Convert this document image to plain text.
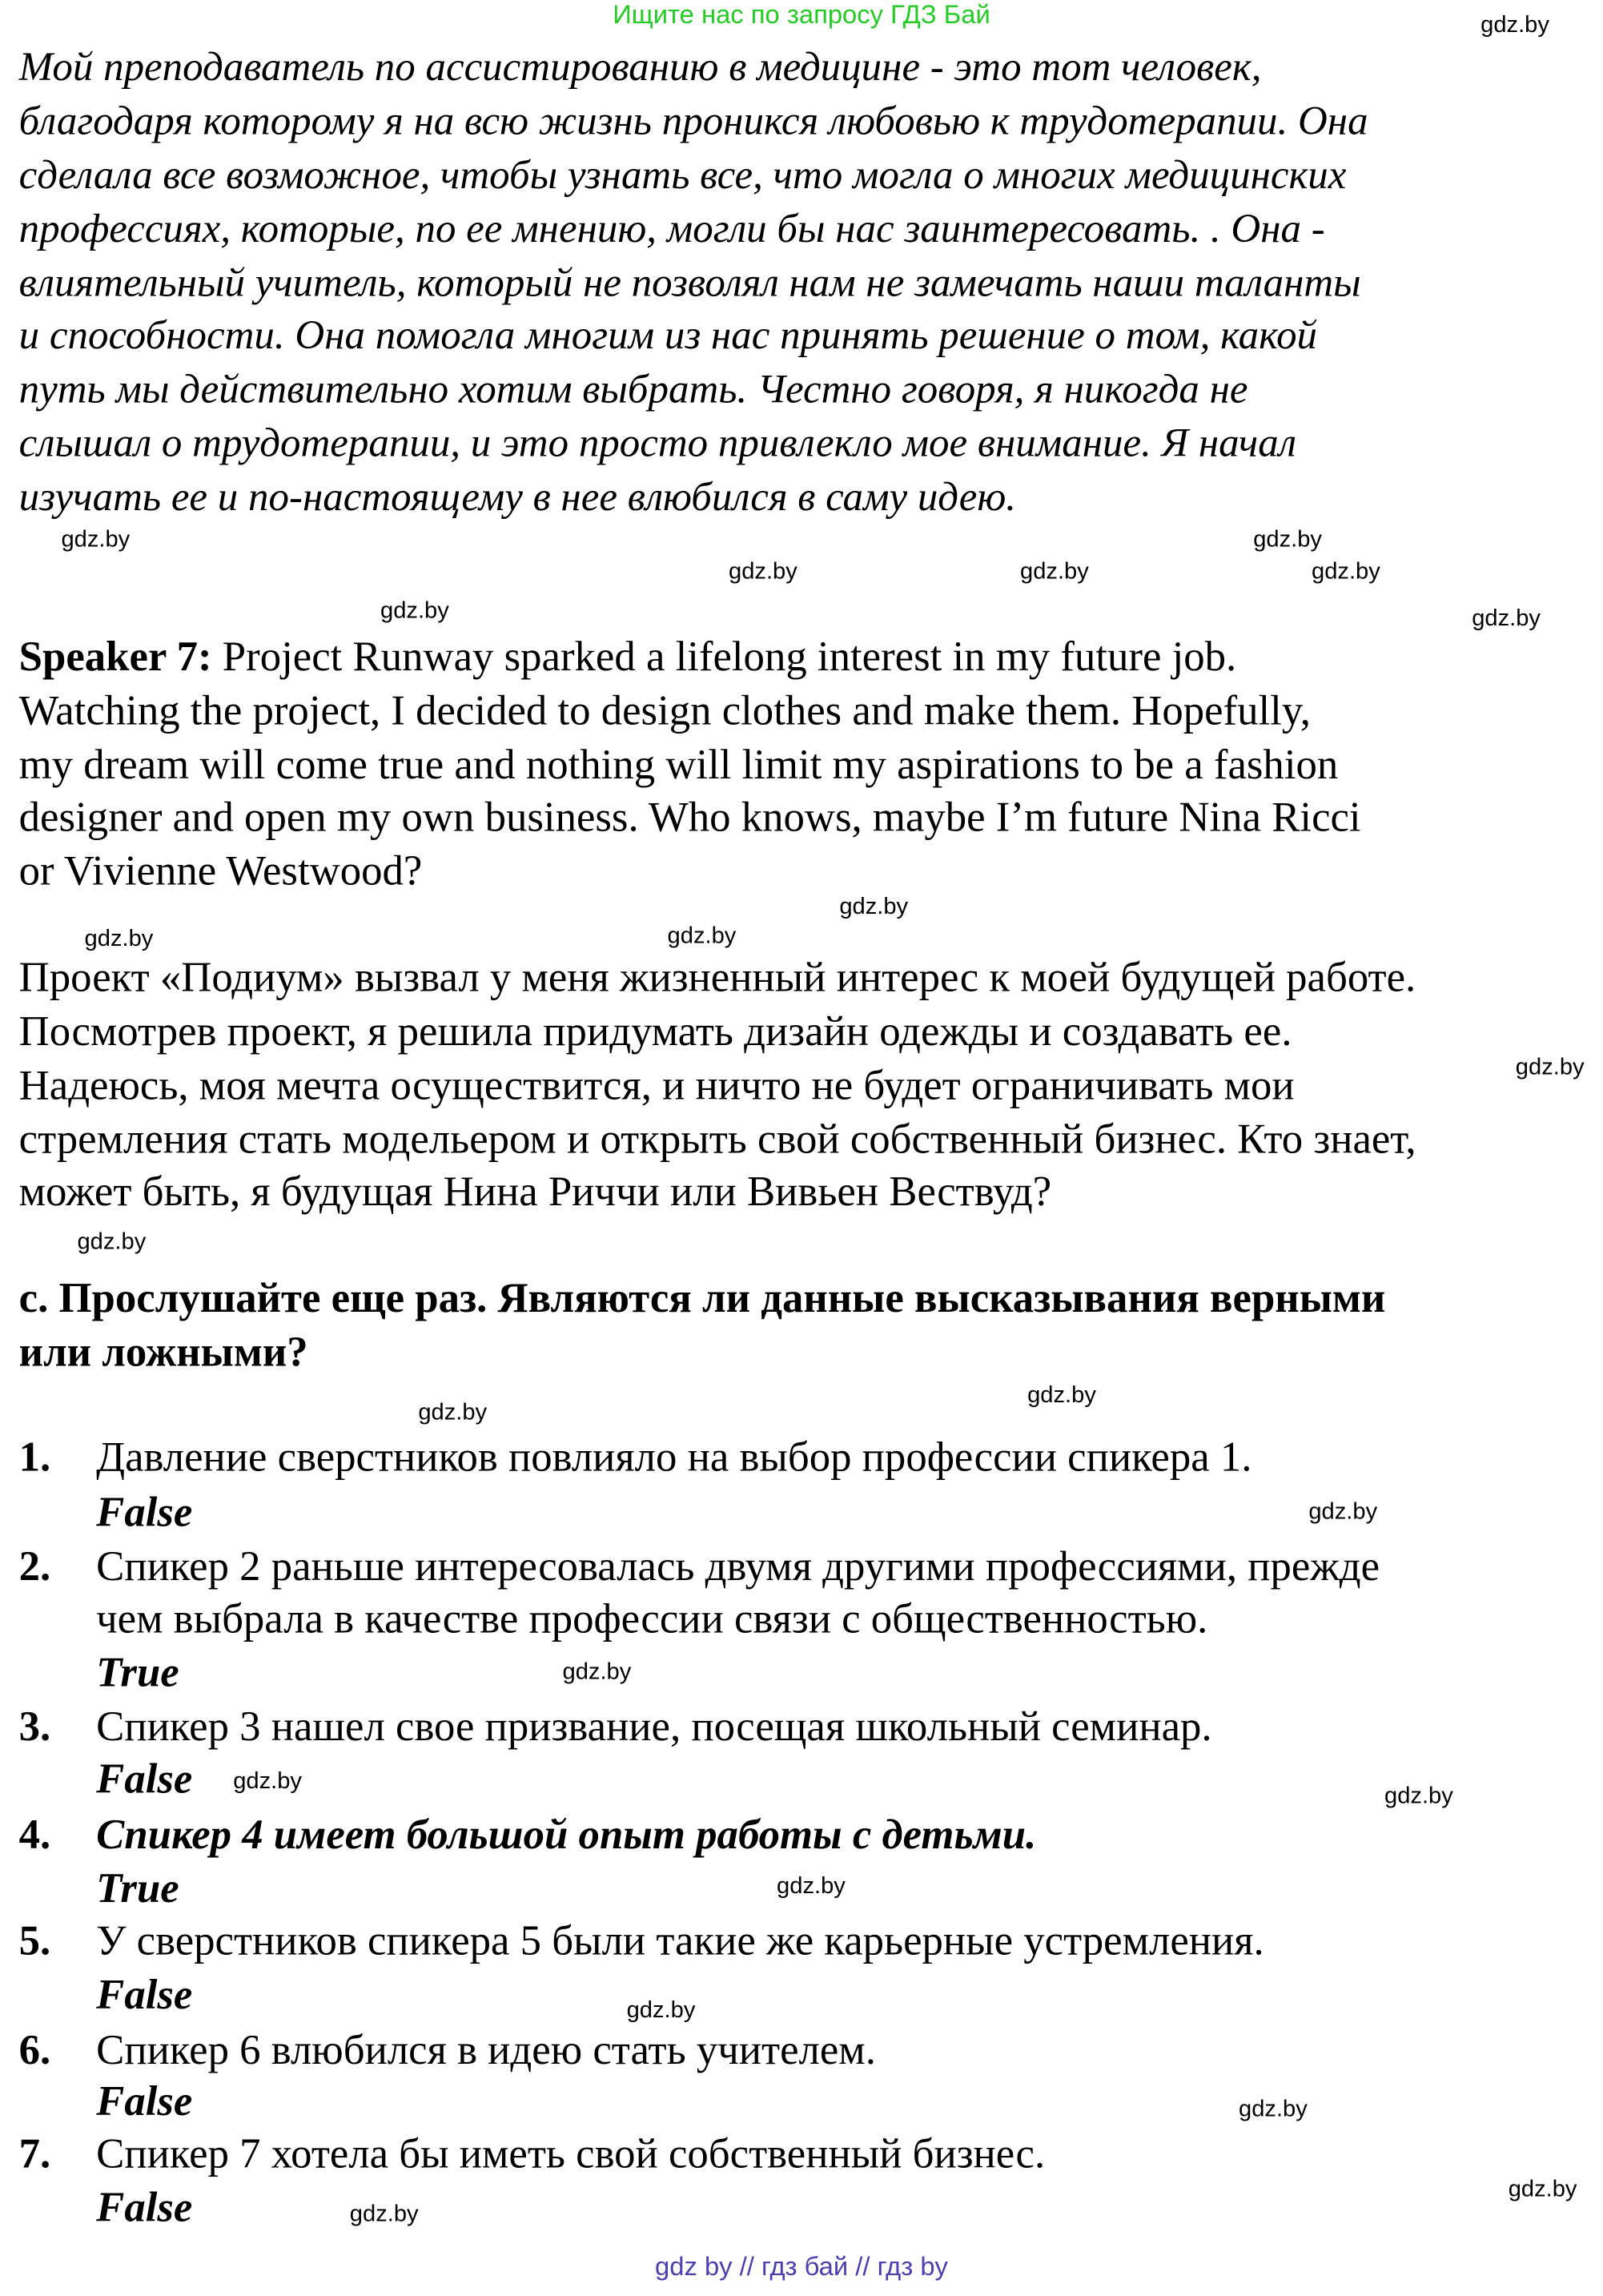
Ищите нас по запросу ГДЗ Бай
Мой преподаватель по ассистированию в медицине - это тот человек,
благодаря которому я на всю жизнь проникся любовью к трудотерапии. Она
сделала все возможное, чтобы узнать все, что могла о многих медицинских
профессиях, которые, по ее мнению, могли бы нас заинтересовать. . Она -
влиятельный учитель, который не позволял нам не замечать наши таланты
и способности. Она помогла многим из нас принять решение о том, какой
путь мы действительно хотим выбрать. Честно говоря, я никогда не
слышал о трудотерапии, и это просто привлекло мое внимание. Я начал
изучать ее и по-настоящему в нее влюбился в саму идею.
Speaker 7: Project Runway sparked a lifelong interest in my future job.
Watching the project, I decided to design clothes and make them. Hopefully,
my dream will come true and nothing will limit my aspirations to be a fashion
designer and open my own business. Who knows, maybe I’m future Nina Ricci
or Vivienne Westwood?
Проект «Подиум» вызвал у меня жизненный интерес к моей будущей работе.
Посмотрев проект, я решила придумать дизайн одежды и создавать ее.
Надеюсь, моя мечта осуществится, и ничто не будет ограничивать мои
стремления стать модельером и открыть свой собственный бизнес. Кто знает,
может быть, я будущая Нина Риччи или Вивьен Вествуд?
c. Прослушайте еще раз. Являются ли данные высказывания верными
или ложными?
1. Давление сверстников повлияло на выбор профессии спикера 1.
False
2. Спикер 2 раньше интересовалась двумя другими профессиями, прежде
чем выбрала в качестве профессии связи с общественностью.
True
3. Спикер 3 нашел свое призвание, посещая школьный семинар.
False
4. Спикер 4 имеет большой опыт работы с детьми.
True
5. У сверстников спикера 5 были такие же карьерные устремления.
False
6. Спикер 6 влюбился в идею стать учителем.
False
7. Спикер 7 хотела бы иметь свой собственный бизнес.
False
gdz.by
gdz.by	gdz.by	gdz.by
gdz.by
gdz.by
gdz.by	gdz.by
gdz.by
gdz.by
gdz.by
gdz.by
gdz.by
gdz.by
gdz.by
gdz.by
gdz.by
gdz.by
gdz.by
gdz.by
gdz.by
gdz.by
gdz.by
gdz.by
gdz by // гдз бай // гдз by
